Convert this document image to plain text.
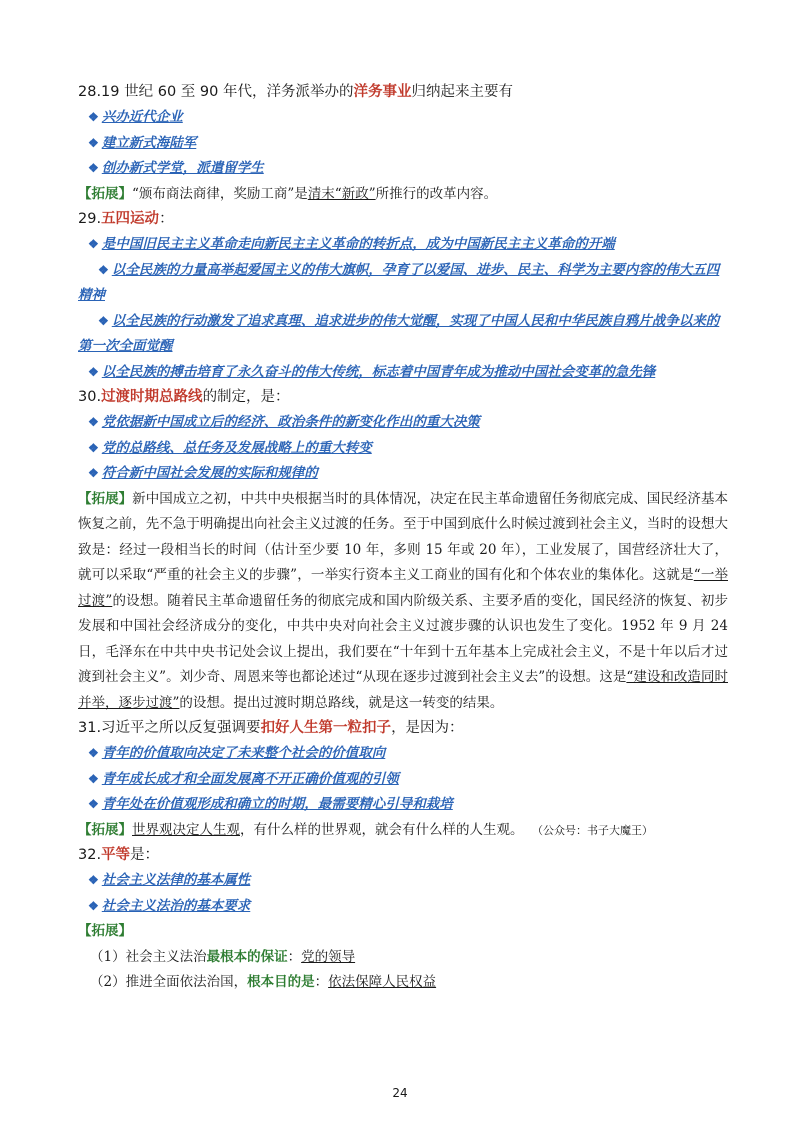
28.19 世纪 60 至 90 年代，洋务派举办的洋务事业归纳起来主要有

❖ 兴办近代企业

❖ 建立新式海陆军

❖ 创办新式学堂，派遣留学生

【拓展】“颁布商法商律，奖励工商”是清末“新政”所推行的改革内容。

29.五四运动：

❖ 是中国旧民主主义革命走向新民主主义革命的转折点，成为中国新民主主义革命的开端

❖ 以全民族的力量高举起爱国主义的伟大旗帜，孕育了以爱国、进步、民主、科学为主要内容的伟大五四精神

❖ 以全民族的行动激发了追求真理、追求进步的伟大觉醒，实现了中国人民和中华民族自鸦片战争以来的第一次全面觉醒

❖ 以全民族的搏击培育了永久奋斗的伟大传统，标志着中国青年成为推动中国社会变革的急先锋

30.过渡时期总路线的制定，是：

❖ 党依据新中国成立后的经济、政治条件的新变化作出的重大决策

❖ 党的总路线、总任务及发展战略上的重大转变

❖ 符合新中国社会发展的实际和规律的

【拓展】新中国成立之初，中共中央根据当时的具体情况，决定在民主革命遗留任务彻底完成、国民经济基本恢复之前，先不急于明确提出向社会主义过渡的任务。至于中国到底什么时候过渡到社会主义，当时的设想大致是：经过一段相当长的时间（估计至少要 10 年，多则 15 年或 20 年），工业发展了，国营经济壮大了，就可以采取“严重的社会主义的步骤”，一举实行资本主义工商业的国有化和个体农业的集体化。这就是“一举过渡”的设想。随着民主革命遗留任务的彻底完成和国内阶级关系、主要矛盾的变化，国民经济的恢复、初步发展和中国社会经济成分的变化，中共中央对向社会主义过渡步骤的认识也发生了变化。1952 年 9 月 24 日，毛泽东在中共中央书记处会议上提出，我们要在“十年到十五年基本上完成社会主义，不是十年以后才过渡到社会主义”。刘少奇、周恩来等也都论述过“从现在逐步过渡到社会主义去”的设想。这是“建设和改造同时并举，逐步过渡”的设想。提出过渡时期总路线，就是这一转变的结果。

31.习近平之所以反复强调要扣好人生第一粒扣子，是因为：

❖ 青年的价值取向决定了未来整个社会的价值取向

❖ 青年成长成才和全面发展离不开正确价值观的引领

❖ 青年处在价值观形成和确立的时期，最需要精心引导和栽培

【拓展】世界观决定人生观，有什么样的世界观，就会有什么样的人生观。 （公众号：书子大魔王）

32.平等是：

❖ 社会主义法律的基本属性

❖ 社会主义法治的基本要求

【拓展】

（1）社会主义法治最根本的保证：党的领导

（2）推进全面依法治国，根本目的是：依法保障人民权益

24
